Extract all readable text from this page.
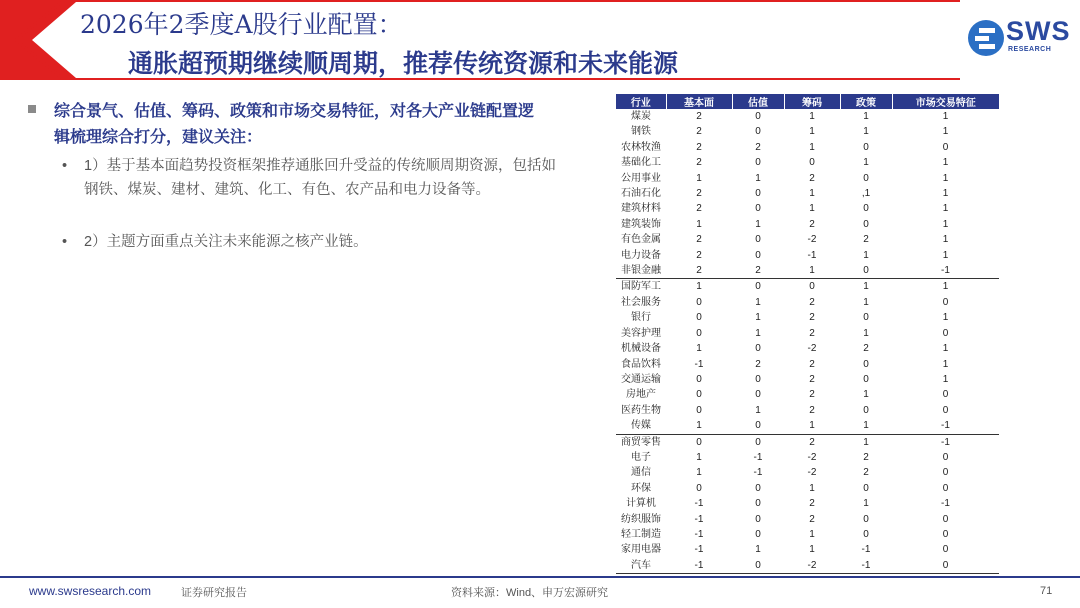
2026年2季度A股行业配置：
通胀超预期继续顺周期，推荐传统资源和未来能源
SWS
RESEARCH
综合景气、估值、筹码、政策和市场交易特征，对各大产业链配置逻辑梳理综合打分，建议关注：
• 1）基于基本面趋势投资框架推荐通胀回升受益的传统顺周期资源，包括如钢铁、煤炭、建材、建筑、化工、有色、农产品和电力设备等。
• 2）主题方面重点关注未来能源之核产业链。
行业	基本面	估值	筹码	政策	市场交易特征
煤炭	2	0	1	1	1
钢铁	2	0	1	1	1
农林牧渔	2	2	1	0	0
基础化工	2	0	0	1	1
公用事业	1	1	2	0	1
石油石化	2	0	1	,1	1
建筑材料	2	0	1	0	1
建筑装饰	1	1	2	0	1
有色金属	2	0	-2	2	1
电力设备	2	0	-1	1	1
非银金融	2	2	1	0	-1
国防军工	1	0	0	1	1
社会服务	0	1	2	1	0
银行	0	1	2	0	1
美容护理	0	1	2	1	0
机械设备	1	0	-2	2	1
食品饮料	-1	2	2	0	1
交通运输	0	0	2	0	1
房地产	0	0	2	1	0
医药生物	0	1	2	0	0
传媒	1	0	1	1	-1
商贸零售	0	0	2	1	-1
电子	1	-1	-2	2	0
通信	1	-1	-2	2	0
环保	0	0	1	0	0
计算机	-1	0	2	1	-1
纺织服饰	-1	0	2	0	0
轻工制造	-1	0	1	0	0
家用电器	-1	1	1	-1	0
汽车	-1	0	-2	-1	0
www.swsresearch.com	证券研究报告	资料来源：Wind、申万宏源研究	71
